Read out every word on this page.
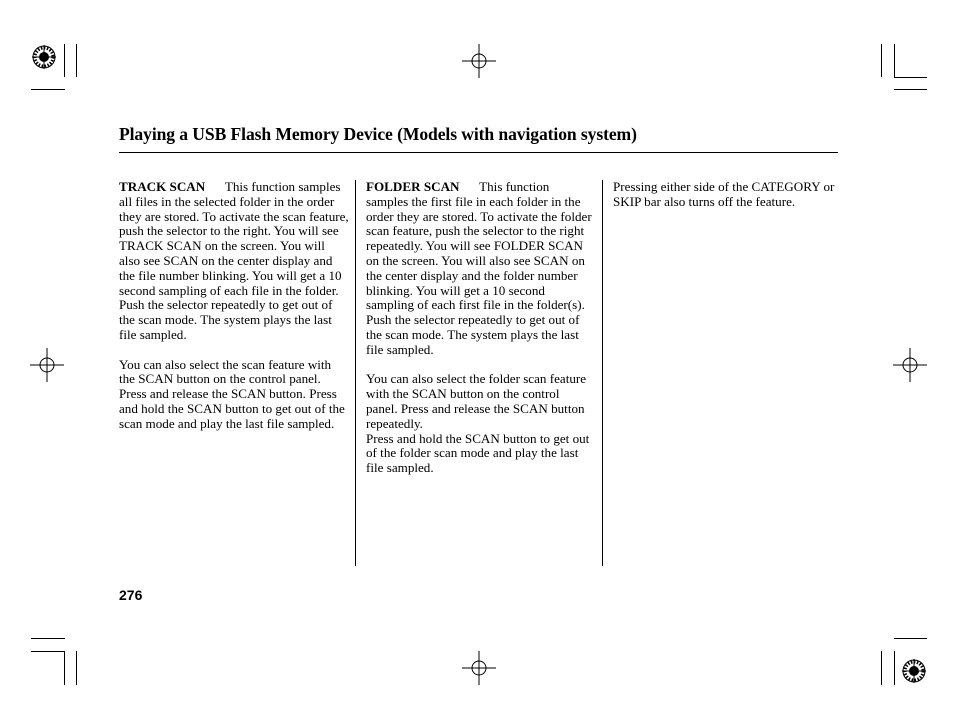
Playing a USB Flash Memory Device (Models with navigation system)

TRACK SCAN This function samples all files in the selected folder in the order they are stored. To activate the scan feature, push the selector to the right. You will see TRACK SCAN on the screen. You will also see SCAN on the center display and the file number blinking. You will get a 10 second sampling of each file in the folder. Push the selector repeatedly to get out of the scan mode. The system plays the last file sampled.

You can also select the scan feature with the SCAN button on the control panel.

Press and release the SCAN button. Press and hold the SCAN button to get out of the scan mode and play the last file sampled.

FOLDER SCAN This function samples the first file in each folder in the order they are stored. To activate the folder scan feature, push the selector to the right repeatedly. You will see FOLDER SCAN on the screen. You will also see SCAN on the center display and the folder number blinking. You will get a 10 second sampling of each first file in the folder(s). Push the selector repeatedly to get out of the scan mode. The system plays the last file sampled.

You can also select the folder scan feature with the SCAN button on the control panel. Press and release the SCAN button repeatedly.

Press and hold the SCAN button to get out of the folder scan mode and play the last file sampled.

Pressing either side of the CATEGORY or SKIP bar also turns off the feature.

276
